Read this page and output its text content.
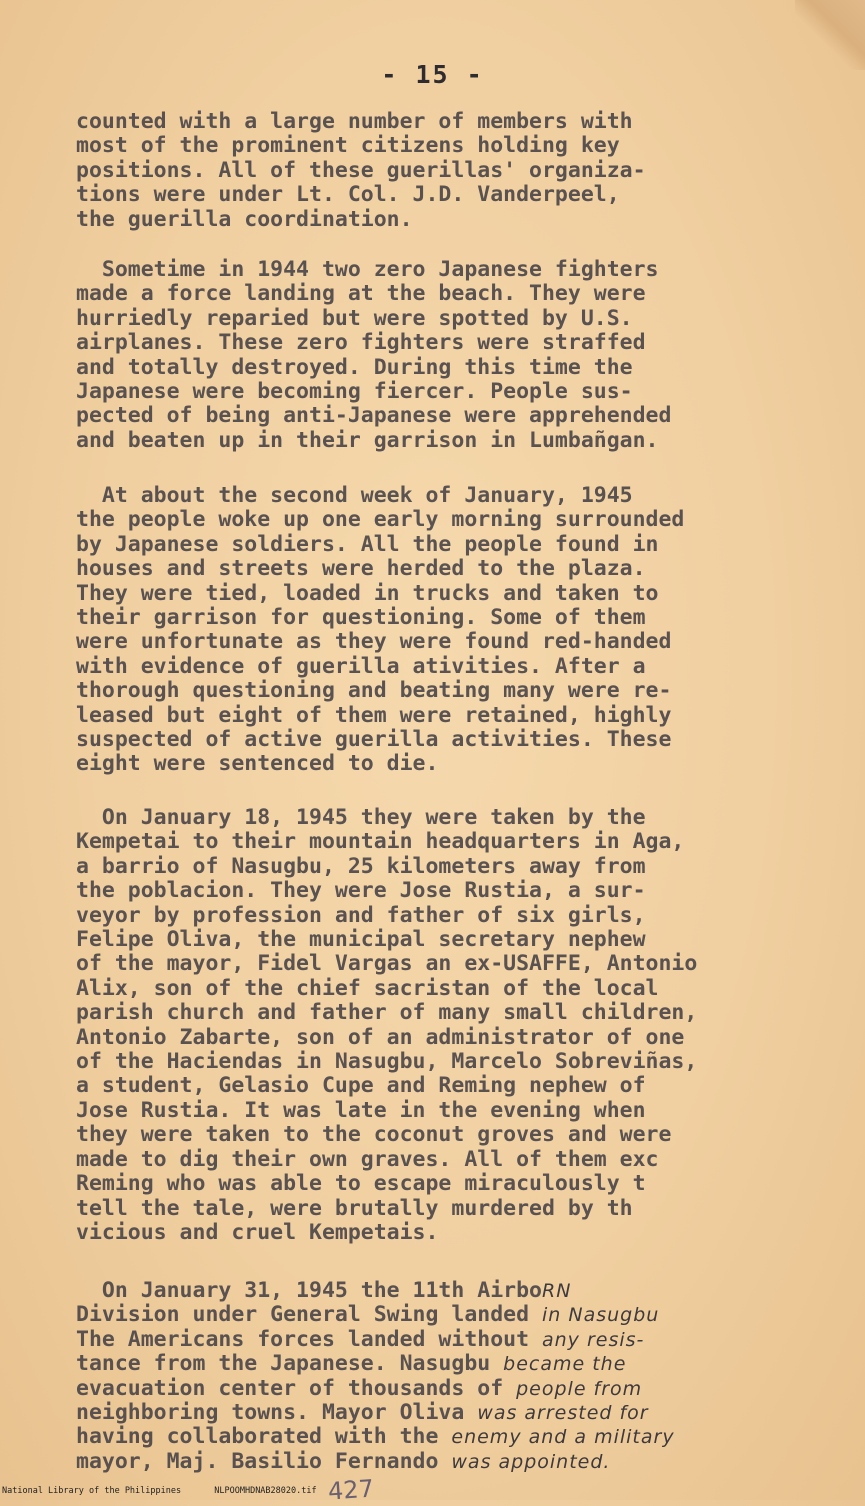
- 15 -
counted with a large number of members with
most of the prominent citizens holding key
positions. All of these guerillas' organiza-
tions were under Lt. Col. J.D. Vanderpeel,
the guerilla coordination.
Sometime in 1944 two zero Japanese fighters
made a force landing at the beach. They were
hurriedly reparied but were spotted by U.S.
airplanes. These zero fighters were straffed
and totally destroyed. During this time the
Japanese were becoming fiercer. People sus-
pected of being anti-Japanese were apprehended
and beaten up in their garrison in Lumbañgan.
At about the second week of January, 1945
the people woke up one early morning surrounded
by Japanese soldiers. All the people found in
houses and streets were herded to the plaza.
They were tied, loaded in trucks and taken to
their garrison for questioning. Some of them
were unfortunate as they were found red-handed
with evidence of guerilla ativities. After a
thorough questioning and beating many were re-
leased but eight of them were retained, highly
suspected of active guerilla activities. These
eight were sentenced to die.
On January 18, 1945 they were taken by the
Kempetai to their mountain headquarters in Aga,
a barrio of Nasugbu, 25 kilometers away from
the poblacion. They were Jose Rustia, a sur-
veyor by profession and father of six girls,
Felipe Oliva, the municipal secretary nephew
of the mayor, Fidel Vargas an ex-USAFFE, Antonio
Alix, son of the chief sacristan of the local
parish church and father of many small children,
Antonio Zabarte, son of an administrator of one
of the Haciendas in Nasugbu, Marcelo Sobreviñas,
a student, Gelasio Cupe and Reming nephew of
Jose Rustia. It was late in the evening when
they were taken to the coconut groves and were
made to dig their own graves. All of them exc
Reming who was able to escape miraculously t
tell the tale, were brutally murdered by th
vicious and cruel Kempetais.
On January 31, 1945 the 11th AirboRN
Division under General Swing landed in Nasugbu
The Americans forces landed without any resis-
tance from the Japanese. Nasugbu became the
evacuation center of thousands of people from
neighboring towns. Mayor Oliva was arrested for
having collaborated with the enemy and a military
mayor, Maj. Basilio Fernando was appointed.
National Library of the Philippines	NLPOOMHDNAB28020.tif 427
